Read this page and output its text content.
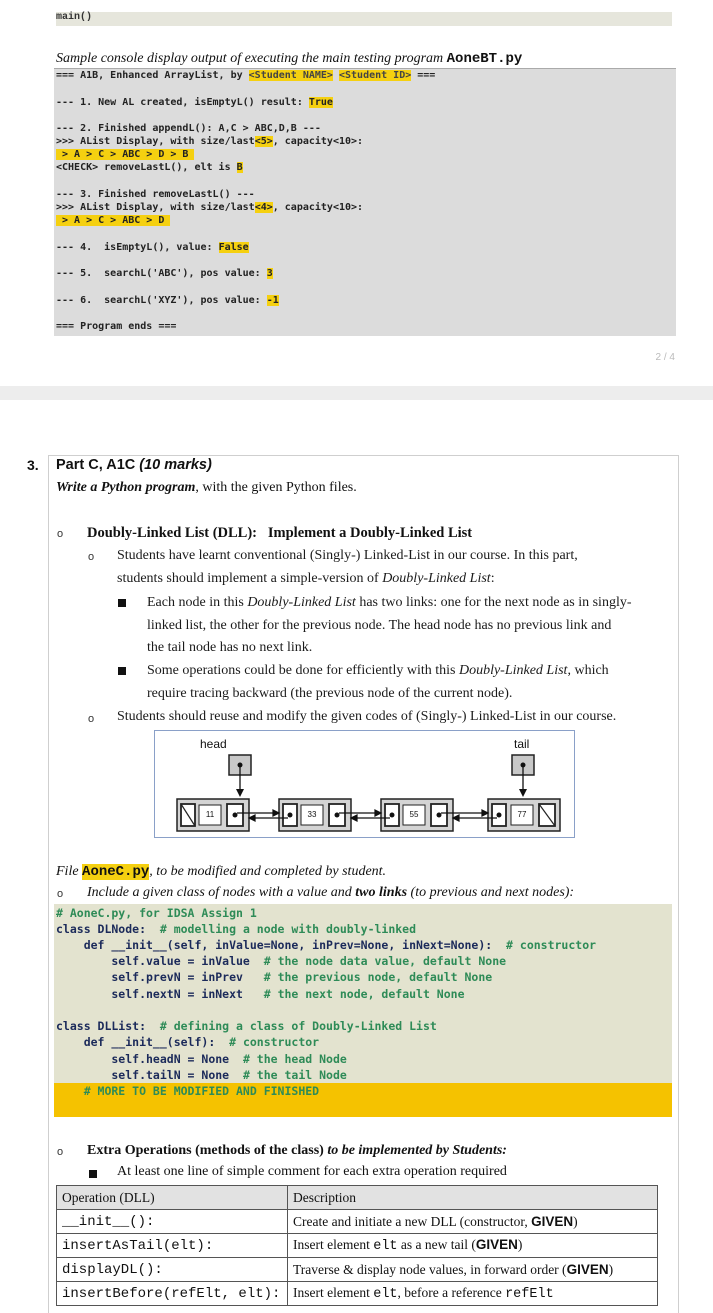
main()
Sample console display output of executing the main testing program AoneBT.py
=== A1B, Enhanced ArrayList, by <Student NAME> <Student ID> ===
--- 1. New AL created, isEmptyL() result: True
--- 2. Finished appendL(): A,C > ABC,D,B ---
>>> AList Display, with size/last<5>, capacity<10>:
> A > C > ABC > D > B
<CHECK> removeLastL(), elt is B
--- 3. Finished removeLastL() ---
>>> AList Display, with size/last<4>, capacity<10>:
> A > C > ABC > D
--- 4.  isEmptyL(), value: False
--- 5.  searchL('ABC'), pos value: 3
--- 6.  searchL('XYZ'), pos value: -1
=== Program ends ===
2 / 4
3. Part C, A1C (10 marks)
Write a Python program, with the given Python files.
o Doubly-Linked List (DLL):   Implement a Doubly-Linked List
o Students have learnt conventional (Singly-) Linked-List in our course. In this part,
students should implement a simple-version of Doubly-Linked List:
Each node in this Doubly-Linked List has two links: one for the next node as in singly-
linked list, the other for the previous node. The head node has no previous link and
the tail node has no next link.
Some operations could be done for efficiently with this Doubly-Linked List, which
require tracing backward (the previous node of the current node).
o Students should reuse and modify the given codes of (Singly-) Linked-List in our course.
head	tail
11	33	55	77
File AoneC.py, to be modified and completed by student.
o Include a given class of nodes with a value and two links (to previous and next nodes):
# AoneC.py, for IDSA Assign 1
class DLNode:  # modelling a node with doubly-linked
def __init__(self, inValue=None, inPrev=None, inNext=None):  # constructor
self.value = inValue  # the node data value, default None
self.prevN = inPrev   # the previous node, default None
self.nextN = inNext   # the next node, default None
class DLList:  # defining a class of Doubly-Linked List
def __init__(self):  # constructor
self.headN = None  # the head Node
self.tailN = None  # the tail Node
# MORE TO BE MODIFIED AND FINISHED
o Extra Operations (methods of the class) to be implemented by Students:
At least one line of simple comment for each extra operation required
Operation (DLL)	Description
__init__():	Create and initiate a new DLL (constructor, GIVEN)
insertAsTail(elt):	Insert element elt as a new tail (GIVEN)
displayDL():	Traverse & display node values, in forward order (GIVEN)
insertBefore(refElt, elt):	Insert element elt, before a reference refElt
